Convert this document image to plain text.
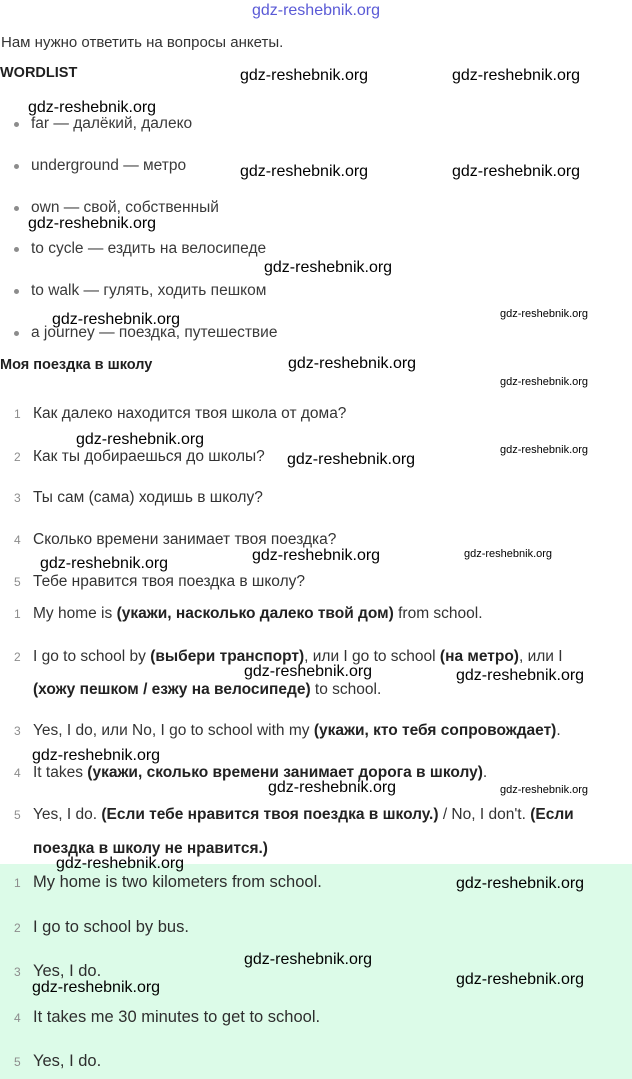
gdz-reshebnik.org
Нам нужно ответить на вопросы анкеты.
WORDLIST
far — далёкий, далеко
underground — метро
own — свой, собственный
to cycle — ездить на велосипеде
to walk — гулять, ходить пешком
a journey — поездка, путешествие
Моя поездка в школу
1 Как далеко находится твоя школа от дома?
2 Как ты добираешься до школы?
3 Ты сам (сама) ходишь в школу?
4 Сколько времени занимает твоя поездка?
5 Тебе нравится твоя поездка в школу?
1 My home is (укажи, насколько далеко твой дом) from school.
2 I go to school by (выбери транспорт), или I go to school (на метро), или I
(хожу пешком / езжу на велосипеде) to school.
3 Yes, I do, или No, I go to school with my (укажи, кто тебя сопровождает).
4 It takes (укажи, сколько времени занимает дорога в школу).
5 Yes, I do. (Если тебе нравится твоя поездка в школу.) / No, I don't. (Если
поездка в школу не нравится.)
1 My home is two kilometers from school.
2 I go to school by bus.
3 Yes, I do.
4 It takes me 30 minutes to get to school.
5 Yes, I do.
gdz-reshebnik.org	gdz-reshebnik.org
gdz-reshebnik.org
gdz-reshebnik.org	gdz-reshebnik.org
gdz-reshebnik.org
gdz-reshebnik.org
gdz-reshebnik.org
gdz-reshebnik.org
gdz-reshebnik.org
gdz-reshebnik.org
gdz-reshebnik.org
gdz-reshebnik.org
gdz-reshebnik.org
gdz-reshebnik.org	gdz-reshebnik.org
gdz-reshebnik.org
gdz-reshebnik.org	gdz-reshebnik.org
gdz-reshebnik.org
gdz-reshebnik.org	gdz-reshebnik.org
gdz-reshebnik.org
gdz-reshebnik.org
gdz-reshebnik.org
gdz-reshebnik.org
gdz-reshebnik.org
